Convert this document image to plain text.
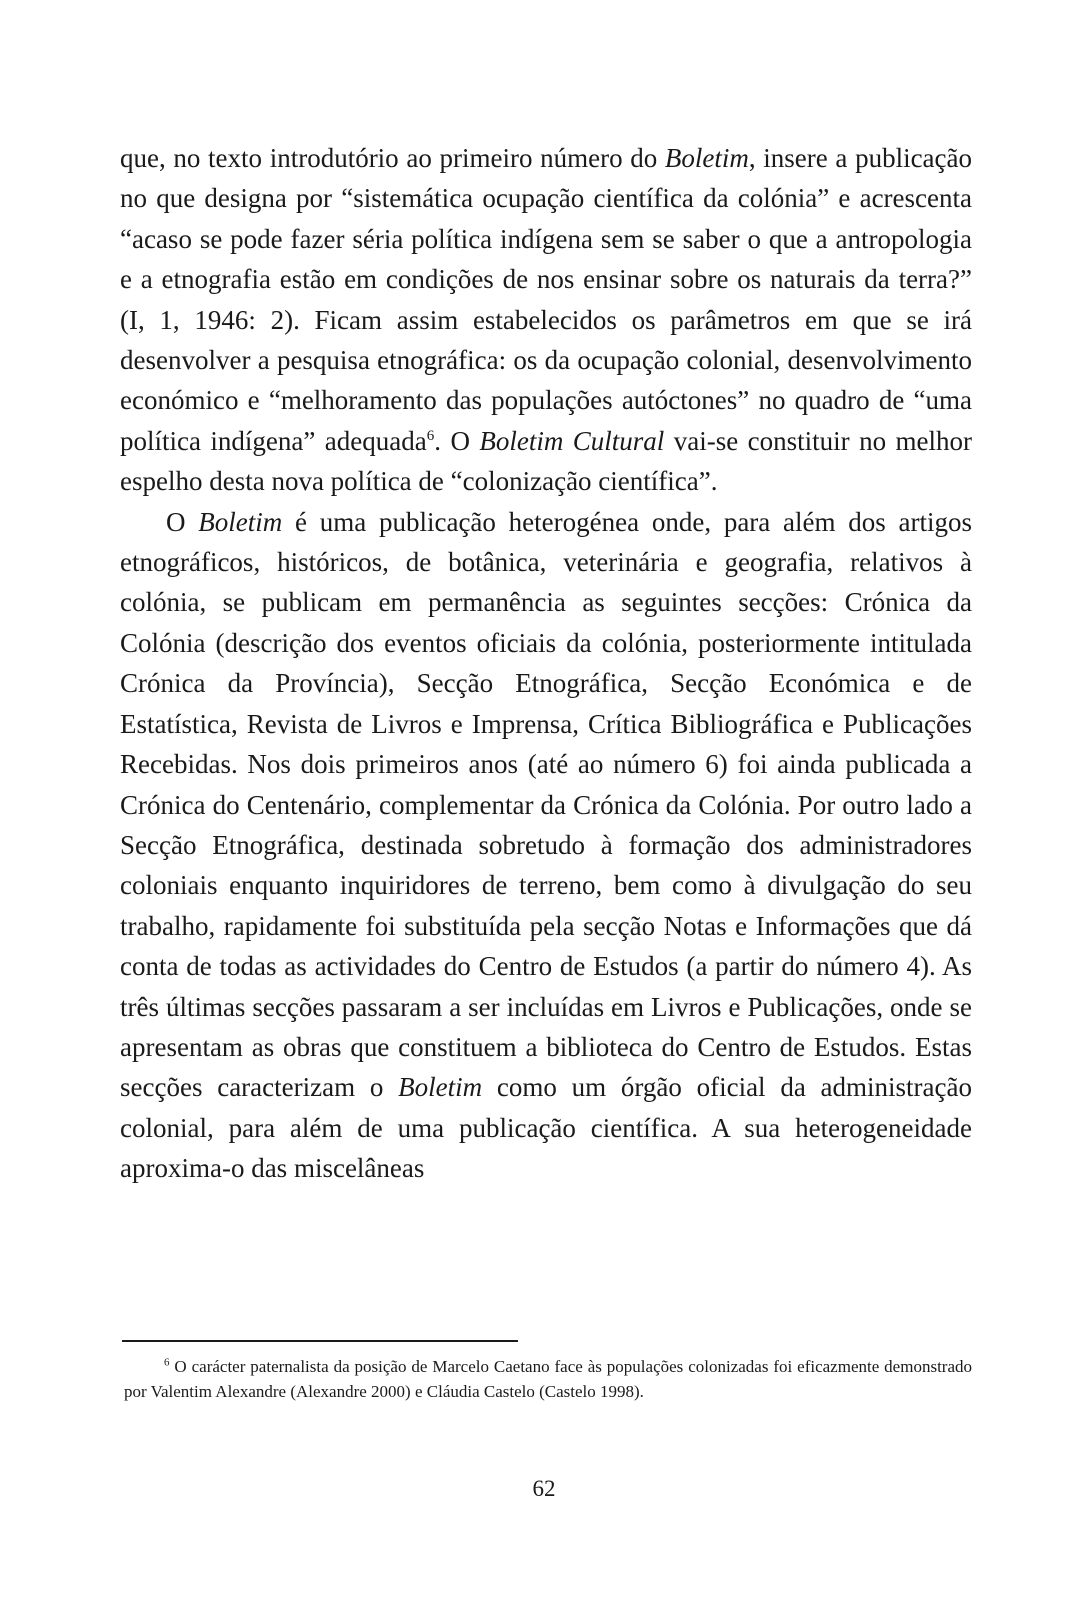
que, no texto introdutório ao primeiro número do Boletim, insere a publicação no que designa por “sistemática ocupação científica da colónia” e acrescenta “acaso se pode fazer séria política indígena sem se saber o que a antropologia e a etnografia estão em condições de nos ensinar sobre os naturais da terra?” (I, 1, 1946: 2). Ficam assim estabelecidos os parâmetros em que se irá desenvolver a pesquisa etnográfica: os da ocupação colonial, desenvolvimento económico e “melhoramento das populações autóctones” no quadro de “uma política indígena” adequada$^6$. O Boletim Cultural vai-se constituir no melhor espelho desta nova política de “colonização científica”.

O Boletim é uma publicação heterogénea onde, para além dos artigos etnográficos, históricos, de botânica, veterinária e geografia, relativos à colónia, se publicam em permanência as seguintes secções: Crónica da Colónia (descrição dos eventos oficiais da colónia, posteriormente intitulada Crónica da Província), Secção Etnográfica, Secção Económica e de Estatística, Revista de Livros e Imprensa, Crítica Bibliográfica e Publicações Recebidas. Nos dois primeiros anos (até ao número 6) foi ainda publicada a Crónica do Centenário, complementar da Crónica da Colónia. Por outro lado a Secção Etnográfica, destinada sobretudo à formação dos administradores coloniais enquanto inquiridores de terreno, bem como à divulgação do seu trabalho, rapidamente foi substituída pela secção Notas e Informações que dá conta de todas as actividades do Centro de Estudos (a partir do número 4). As três últimas secções passaram a ser incluídas em Livros e Publicações, onde se apresentam as obras que constituem a biblioteca do Centro de Estudos. Estas secções caracterizam o Boletim como um órgão oficial da administração colonial, para além de uma publicação científica. A sua heterogeneidade aproxima-o das miscelâneas

$^6$ O carácter paternalista da posição de Marcelo Caetano face às populações colonizadas foi eficazmente demonstrado por Valentim Alexandre (Alexandre 2000) e Cláudia Castelo (Castelo 1998).
62
